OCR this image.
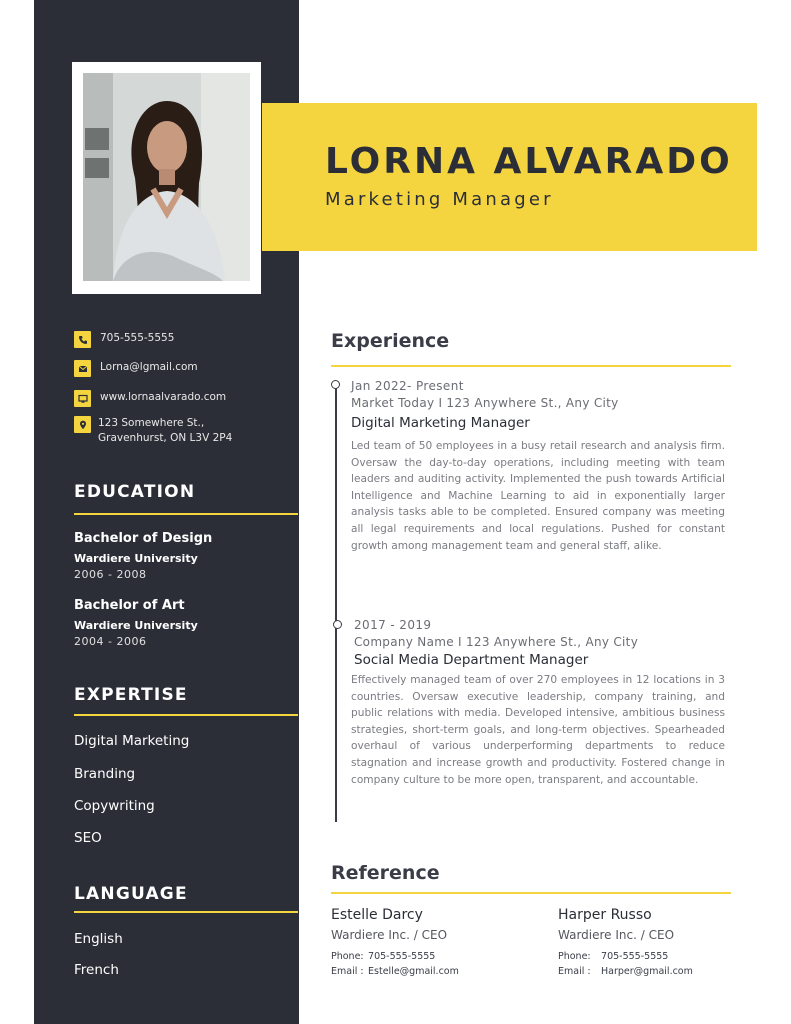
705-555-5555
Lorna@lgmail.com
www.lornaalvarado.com
123 Somewhere St.,
Gravenhurst, ON L3V 2P4
EDUCATION
Bachelor of Design
Wardiere University
2006 - 2008
Bachelor of Art
Wardiere University
2004 - 2006
EXPERTISE
Digital Marketing
Branding
Copywriting
SEO
LANGUAGE
English
French
LORNA ALVARADO
Marketing Manager
Experience
Jan 2022- Present
Market Today I 123 Anywhere St., Any City
Digital Marketing Manager
Led team of 50 employees in a busy retail research and analysis firm. Oversaw the day-to-day operations, including meeting with team leaders and auditing activity. Implemented the push towards Artificial Intelligence and Machine Learning to aid in exponentially larger analysis tasks able to be completed. Ensured company was meeting all legal requirements and local regulations. Pushed for constant growth among management team and general staff, alike.
2017 - 2019
Company Name I 123 Anywhere St., Any City
Social Media Department Manager
Effectively managed team of over 270 employees in 12 locations in 3 countries. Oversaw executive leadership, company training, and public relations with media. Developed intensive, ambitious business strategies, short-term goals, and long-term objectives. Spearheaded overhaul of various underperforming departments to reduce stagnation and increase growth and productivity. Fostered change in company culture to be more open, transparent, and accountable.
Reference
Estelle Darcy
Wardiere Inc. / CEO
Phone: 705-555-5555
Email : Estelle@gmail.com
Harper Russo
Wardiere Inc. / CEO
Phone: 705-555-5555
Email : Harper@gmail.com
